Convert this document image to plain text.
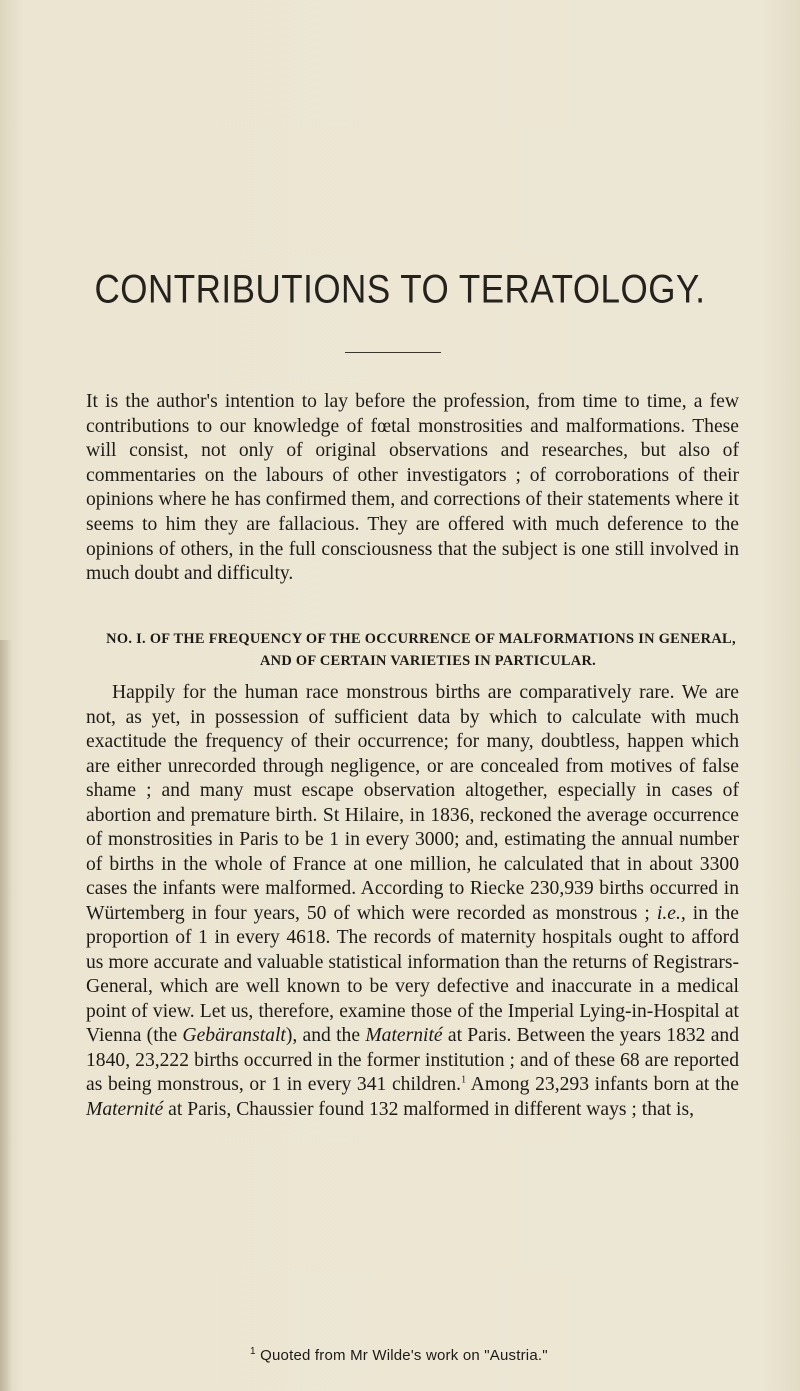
CONTRIBUTIONS TO TERATOLOGY.

It is the author's intention to lay before the profession, from time to time, a few contributions to our knowledge of fœtal monstrosities and malformations. These will consist, not only of original observations and researches, but also of commentaries on the labours of other investigators ; of corroborations of their opinions where he has confirmed them, and corrections of their statements where it seems to him they are fallacious. They are offered with much deference to the opinions of others, in the full consciousness that the subject is one still involved in much doubt and difficulty.

NO. I. OF THE FREQUENCY OF THE OCCURRENCE OF MALFORMATIONS IN GENERAL, AND OF CERTAIN VARIETIES IN PARTICULAR.

Happily for the human race monstrous births are comparatively rare. We are not, as yet, in possession of sufficient data by which to calculate with much exactitude the frequency of their occurrence; for many, doubtless, happen which are either unrecorded through negligence, or are concealed from motives of false shame ; and many must escape observation altogether, especially in cases of abortion and premature birth. St Hilaire, in 1836, reckoned the average occurrence of monstrosities in Paris to be 1 in every 3000; and, estimating the annual number of births in the whole of France at one million, he calculated that in about 3300 cases the infants were malformed. According to Riecke 230,939 births occurred in Würtemberg in four years, 50 of which were recorded as monstrous ; i.e., in the proportion of 1 in every 4618. The records of maternity hospitals ought to afford us more accurate and valuable statistical information than the returns of Registrars-General, which are well known to be very defective and inaccurate in a medical point of view. Let us, therefore, examine those of the Imperial Lying-in-Hospital at Vienna (the Gebäranstalt), and the Maternité at Paris. Between the years 1832 and 1840, 23,222 births occurred in the former institution ; and of these 68 are reported as being monstrous, or 1 in every 341 children.$^1$ Among 23,293 infants born at the Maternité at Paris, Chaussier found 132 malformed in different ways ; that is,

$^1$ Quoted from Mr Wilde's work on "Austria."
